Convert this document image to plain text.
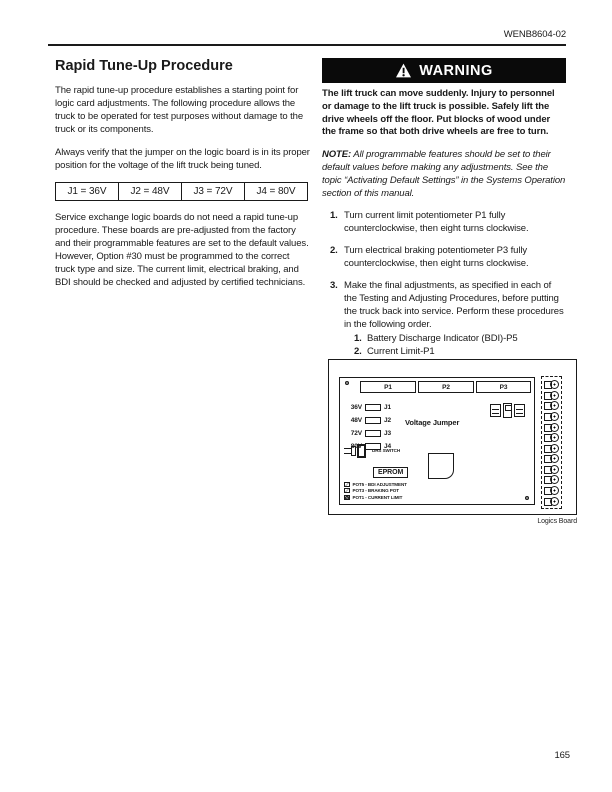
WENB8604-02
Rapid Tune-Up Procedure

The rapid tune-up procedure establishes a starting point for logic card adjustments. The following procedure allows the truck to be operated for test purposes without damage to the truck or its components.

Always verify that the jumper on the logic board is in its proper position for the voltage of the lift truck being tuned.

J1 = 36V	J2 = 48V	J3 = 72V	J4 = 80V

Service exchange logic boards do not need a rapid tune-up procedure. These boards are pre-adjusted from the factory and their programmable features are set to the default values. However, Option #30 must be programmed to the correct truck type and size. The current limit, electrical braking, and BDI should be checked and adjusted by certified technicians.

WARNING

The lift truck can move suddenly. Injury to personnel or damage to the lift truck is possible. Safely lift the drive wheels off the floor. Put blocks of wood under the frame so that both drive wheels are free to turn.

NOTE: All programmable features should be set to their default values before making any adjustments. See the topic “Activating Default Settings” in the Systems Operation section of this manual.

1. Turn current limit potentiometer P1 fully counterclockwise, then eight turns clockwise.
2. Turn electrical braking potentiometer P3 fully counterclockwise, then eight turns clockwise.
3. Make the final adjustments, as specified in each of the Testing and Adjusting Procedures, before putting the truck back into service. Perform these procedures in the following order.
1. Battery Discharge Indicator (BDI)-P5
2. Current Limit-P1
P1	P2	P3
36V	J1
48V	J2
72V	J3
80V	J4
Voltage Jumper
DRS SWITCH
EPROM
POT5 - BDI ADJUSTMENT
POT3 - BRAKING POT
POT1 - CURRENT LIMIT
Logics Board
165
